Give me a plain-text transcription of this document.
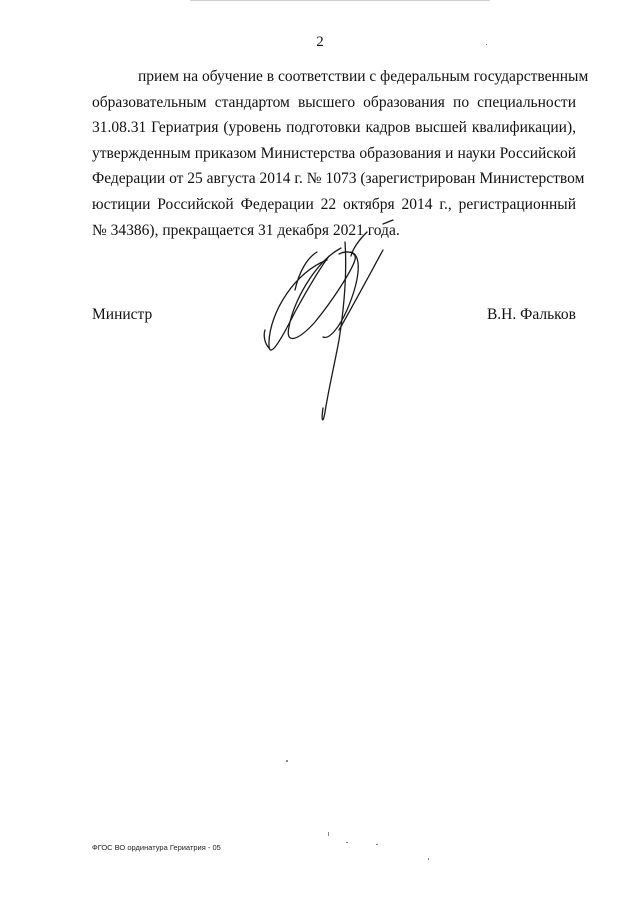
2
прием на обучение в соответствии с федеральным государственным
образовательным стандартом высшего образования по специальности
31.08.31 Гериатрия (уровень подготовки кадров высшей квалификации),
утвержденным приказом Министерства образования и науки Российской
Федерации от 25 августа 2014 г. № 1073 (зарегистрирован Министерством
юстиции Российской Федерации 22 октября 2014 г., регистрационный
№ 34386), прекращается 31 декабря 2021 года.
Министр	В.Н. Фальков
ФГОС ВО ординатура Гериатрия - 05
